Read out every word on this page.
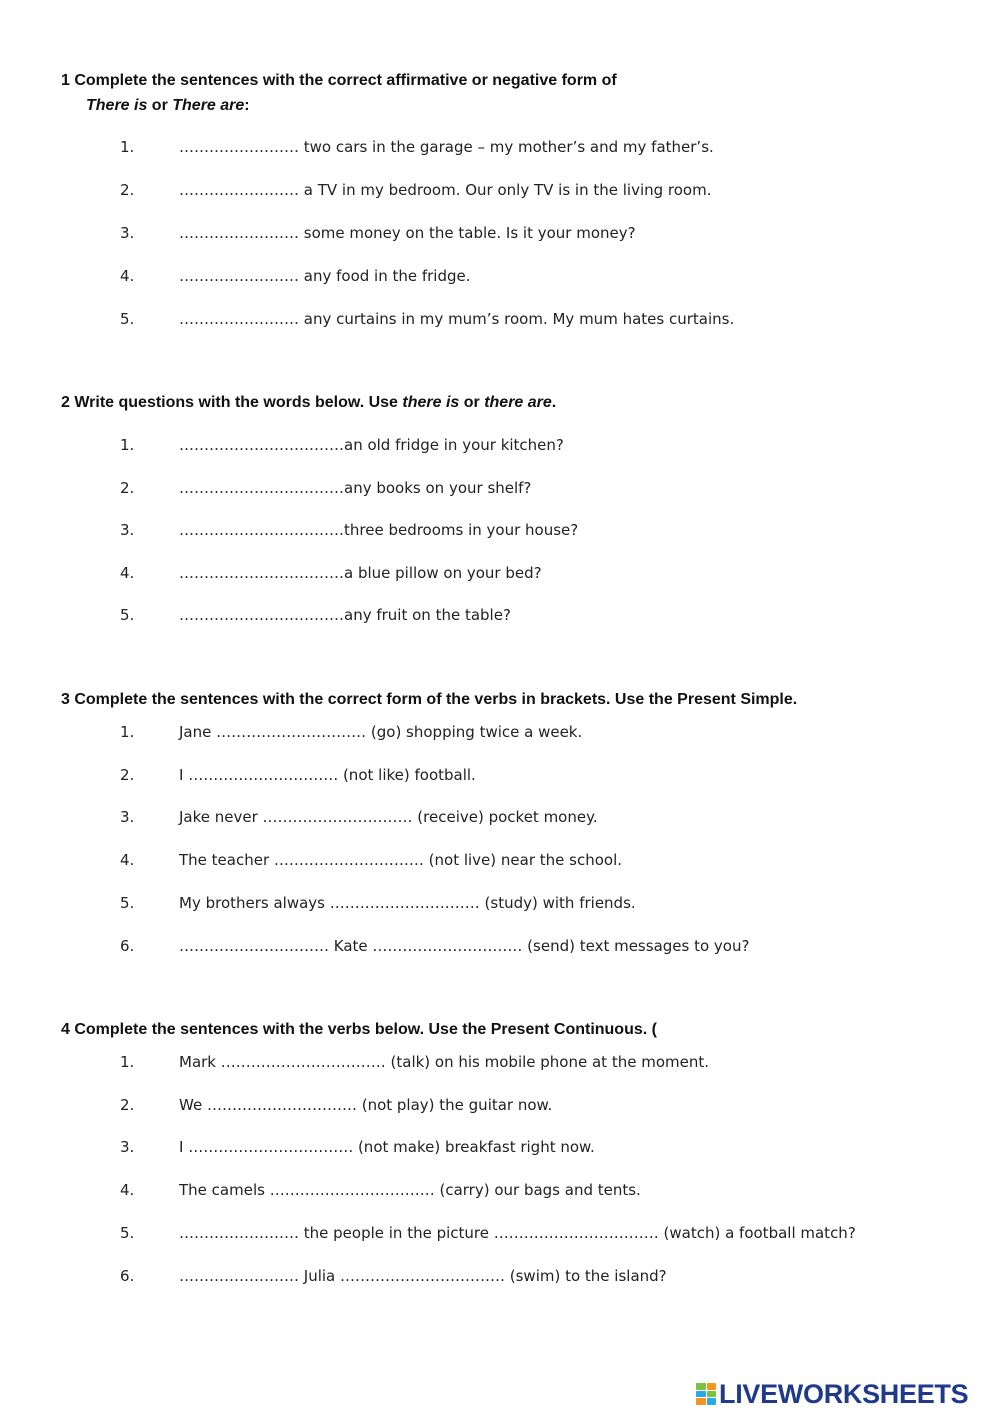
1 Complete the sentences with the correct affirmative or negative form of
There is or There are:
1.	…………………… two cars in the garage – my mother’s and my father’s.
2.	…………………… a TV in my bedroom. Our only TV is in the living room.
3.	…………………… some money on the table. Is it your money?
4.	…………………… any food in the fridge.
5.	…………………… any curtains in my mum’s room. My mum hates curtains.
2 Write questions with the words below. Use there is or there are.
1.	……………………………an old fridge in your kitchen?
2.	……………………………any books on your shelf?
3.	……………………………three bedrooms in your house?
4.	……………………………a blue pillow on your bed?
5.	……………………………any fruit on the table?
3 Complete the sentences with the correct form of the verbs in brackets. Use the Present Simple.
1.	Jane ………………………… (go) shopping twice a week.
2.	I ………………………… (not like) football.
3.	Jake never ………………………… (receive) pocket money.
4.	The teacher ………………………… (not live) near the school.
5.	My brothers always ………………………… (study) with friends.
6.	………………………… Kate ………………………… (send) text messages to you?
4 Complete the sentences with the verbs below. Use the Present Continuous. (
1.	Mark …………………………… (talk) on his mobile phone at the moment.
2.	We ………………………… (not play) the guitar now.
3.	I …………………………… (not make) breakfast right now.
4.	The camels …………………………… (carry) our bags and tents.
5.	…………………… the people in the picture …………………………… (watch) a football match?
6.	…………………… Julia …………………………… (swim) to the island?
LIVEWORKSHEETS
